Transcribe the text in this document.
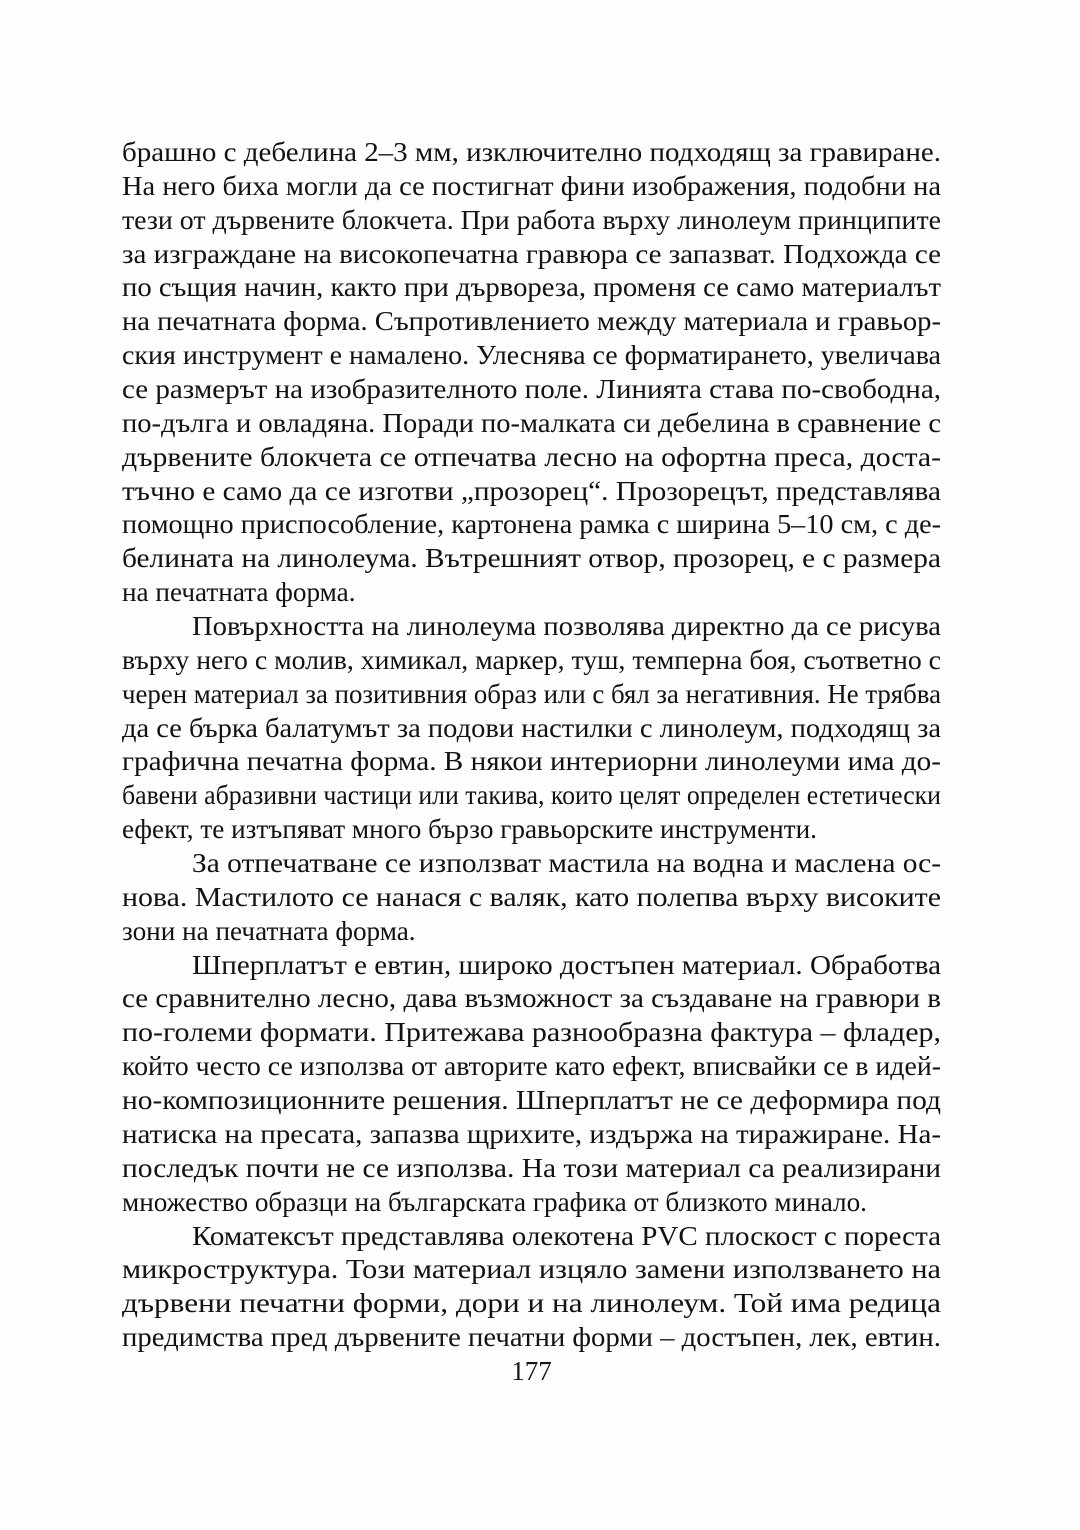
брашно с дебелина 2–3 мм, изключително подходящ за гравиране.
На него биха могли да се постигнат фини изображения, подобни на
тези от дървените блокчета. При работа върху линолеум принципите
за изграждане на високопечатна гравюра се запазват. Подхожда се
по същия начин, както при дървореза, променя се само материалът
на печатната форма. Съпротивлението между материала и гравьор-
ския инструмент е намалено. Улеснява се форматирането, увеличава
се размерът на изобразителното поле. Линията става по-свободна,
по-дълга и овладяна. Поради по-малката си дебелина в сравнение с
дървените блокчета се отпечатва лесно на офортна преса, доста-
тъчно е само да се изготви „прозорец“. Прозорецът, представлява
помощно приспособление, картонена рамка с ширина 5–10 см, с де-
белината на линолеума. Вътрешният отвор, прозорец, е с размера
на печатната форма.
Повърхността на линолеума позволява директно да се рисува
върху него с молив, химикал, маркер, туш, темперна боя, съответно с
черен материал за позитивния образ или с бял за негативния. Не трябва
да се бърка балатумът за подови настилки с линолеум, подходящ за
графична печатна форма. В някои интериорни линолеуми има до-
бавени абразивни частици или такива, които целят определен естетически
ефект, те изтъпяват много бързо гравьорските инструменти.
За отпечатване се използват мастила на водна и маслена ос-
нова. Мастилото се нанася с валяк, като полепва върху високите
зони на печатната форма.
Шперплатът е евтин, широко достъпен материал. Обработва
се сравнително лесно, дава възможност за създаване на гравюри в
по-големи формати. Притежава разнообразна фактура – фладер,
който често се използва от авторите като ефект, вписвайки се в идей-
но-композиционните решения. Шперплатът не се деформира под
натиска на пресата, запазва щрихите, издържа на тиражиране. На-
последък почти не се използва. На този материал са реализирани
множество образци на българската графика от близкото минало.
Коматексът представлява олекотена PVC плоскост с пореста
микроструктура. Този материал изцяло замени използването на
дървени печатни форми, дори и на линолеум. Той има редица
предимства пред дървените печатни форми – достъпен, лек, евтин.
177
